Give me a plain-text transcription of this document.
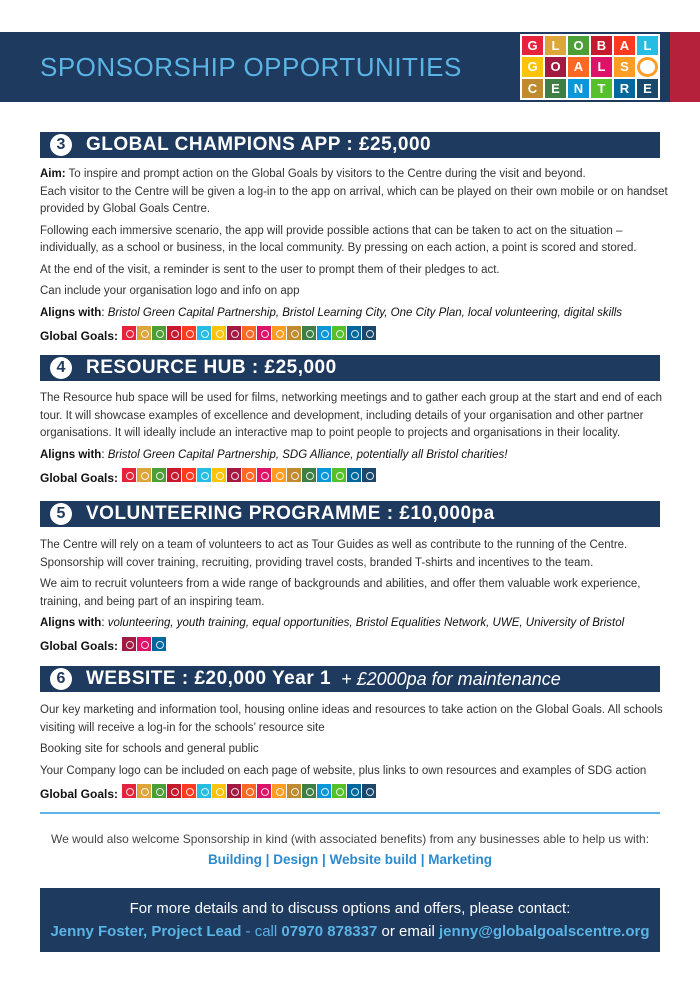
SPONSORSHIP OPPORTUNITIES
G	L	O	B	A	L
G O	A	L	S
C	E	N	T	R	E
3	GLOBAL CHAMPIONS APP : £25,000

Aim: To inspire and prompt action on the Global Goals by visitors to the Centre during the visit and beyond.

Each visitor to the Centre will be given a log-in to the app on arrival, which can be played on their own mobile or on handset provided by Global Goals Centre.

Following each immersive scenario, the app will provide possible actions that can be taken to act on the situation – individually, as a school or business, in the local community. By pressing on each action, a point is scored and stored.

At the end of the visit, a reminder is sent to the user to prompt them of their pledges to act.

Can include your organisation logo and info on app

Aligns with: Bristol Green Capital Partnership, Bristol Learning City, One City Plan, local volunteering, digital skills

Global Goals:
4	RESOURCE HUB : £25,000

The Resource hub space will be used for films, networking meetings and to gather each group at the start and end of each tour. It will showcase examples of excellence and development, including details of your organisation and other partner organisations. It will ideally include an interactive map to point people to projects and organisations in their locality.

Aligns with: Bristol Green Capital Partnership, SDG Alliance, potentially all Bristol charities!

Global Goals:
5	VOLUNTEERING PROGRAMME : £10,000pa

The Centre will rely on a team of volunteers to act as Tour Guides as well as contribute to the running of the Centre. Sponsorship will cover training, recruiting, providing travel costs, branded T-shirts and incentives to the team.

We aim to recruit volunteers from a wide range of backgrounds and abilities, and offer them valuable work experience, training, and being part of an inspiring team.

Aligns with: volunteering, youth training, equal opportunities, Bristol Equalities Network, UWE, University of Bristol

Global Goals:
6	WEBSITE : £20,000 Year 1 + £2000pa for maintenance

Our key marketing and information tool, housing online ideas and resources to take action on the Global Goals. All schools visiting will receive a log-in for the schools’ resource site

Booking site for schools and general public

Your Company logo can be included on each page of website, plus links to own resources and examples of SDG action

Global Goals:
We would also welcome Sponsorship in kind (with associated benefits) from any businesses able to help us with:
Building | Design | Website build | Marketing
For more details and to discuss options and offers, please contact:
Jenny Foster, Project Lead - call 07970 878337 or email jenny@globalgoalscentre.org
